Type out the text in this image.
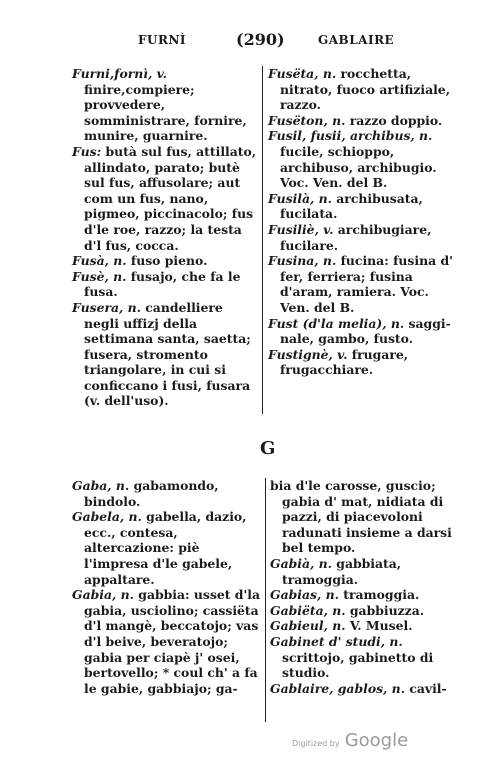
FURNÌ	(290)	GABLAIRE

Furni,fornì, v. finire,compiere; provvedere, somministrare, fornire, munire, guarnire.

Fus: butà sul fus, attillato, allindato, parato; butè sul fus, affusolare; aut com un fus, nano, pigmeo, piccinacolo; fus d'le roe, razzo; la testa d'l fus, cocca.

Fusà, n. fuso pieno.

Fusè, n. fusajo, che fa le fusa.

Fusera, n. candelliere negli uffizj della settimana santa, saetta; fusera, stromento triangolare, in cui si conficcano i fusi, fusara (v. dell'uso).

Fusëta, n. rocchetta, nitrato, fuoco artifiziale, razzo.

Fusëton, n. razzo doppio.

Fusil, fusii, archibus, n. fucile, schioppo, archibuso, archibugio. Voc. Ven. del B.

Fusilà, n. archibusata, fucilata.

Fusiliè, v. archibugiare, fucilare.

Fusina, n. fucina: fusina d' fer, ferriera; fusina d'aram, ramiera. Voc. Ven. del B.

Fust (d'la melia), n. saggi-nale, gambo, fusto.

Fustignè, v. frugare, frugacchiare.

G

Gaba, n. gabamondo, bindolo.

Gabela, n. gabella, dazio, ecc., contesa, altercazione: piè l'impresa d'le gabele, appaltare.

Gabia, n. gabbia: usset d'la gabia, usciolino; cassiëta d'l mangè, beccatojo; vas d'l beive, beveratojo; gabia per ciapè j' osei, bertovello; * coul ch' a fa le gabie, gabbiajo; ga-

bia d'le carosse, guscio; gabia d' mat, nidiata di pazzi, di piacevoloni radunati insieme a darsi bel tempo.

Gabià, n. gabbiata, tramoggia.

Gabias, n. tramoggia.

Gabiëta, n. gabbiuzza.

Gabieul, n. V. Musel.

Gabinet d' studi, n. scrittojo, gabinetto di studio.

Gablaire, gablos, n. cavil-

Digitized by Google
